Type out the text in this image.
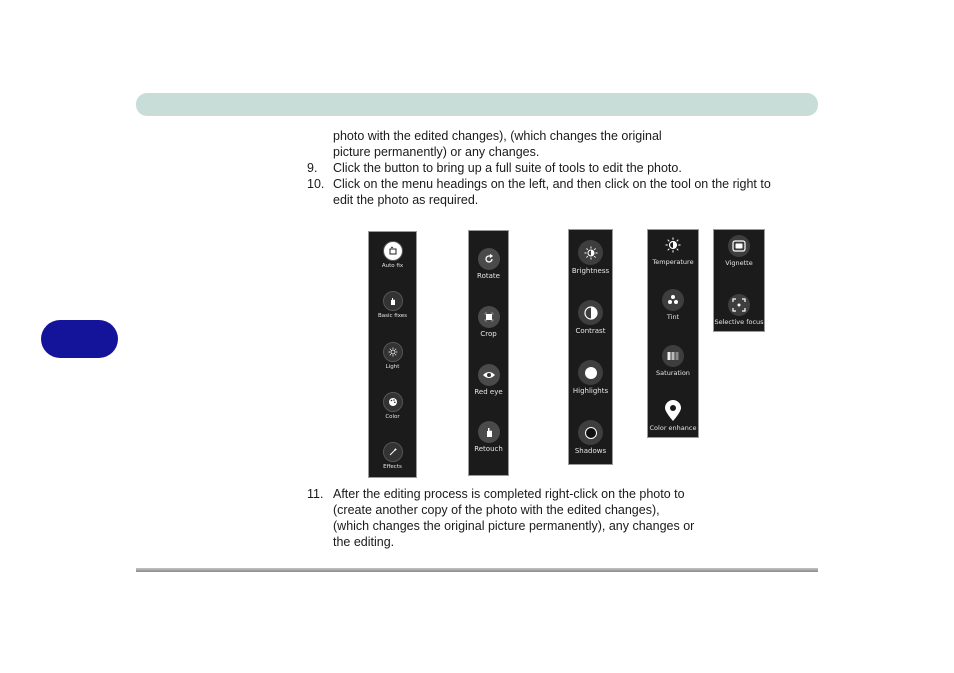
photo with the edited changes), (which changes the original
picture permanently) or any changes.
9. Click the button to bring up a full suite of tools to edit the photo.
10. Click on the menu headings on the left, and then click on the tool on the right to
edit the photo as required.
11. After the editing process is completed right-click on the photo to
(create another copy of the photo with the edited changes),
(which changes the original picture permanently), any changes or
the editing.
Auto fix
Basic fixes
Light
Color
Effects
Rotate
Crop
Red eye
Retouch
Brightness
Contrast
Highlights
Shadows
Temperature
Tint
Saturation
Color enhance
Vignette
Selective focus
